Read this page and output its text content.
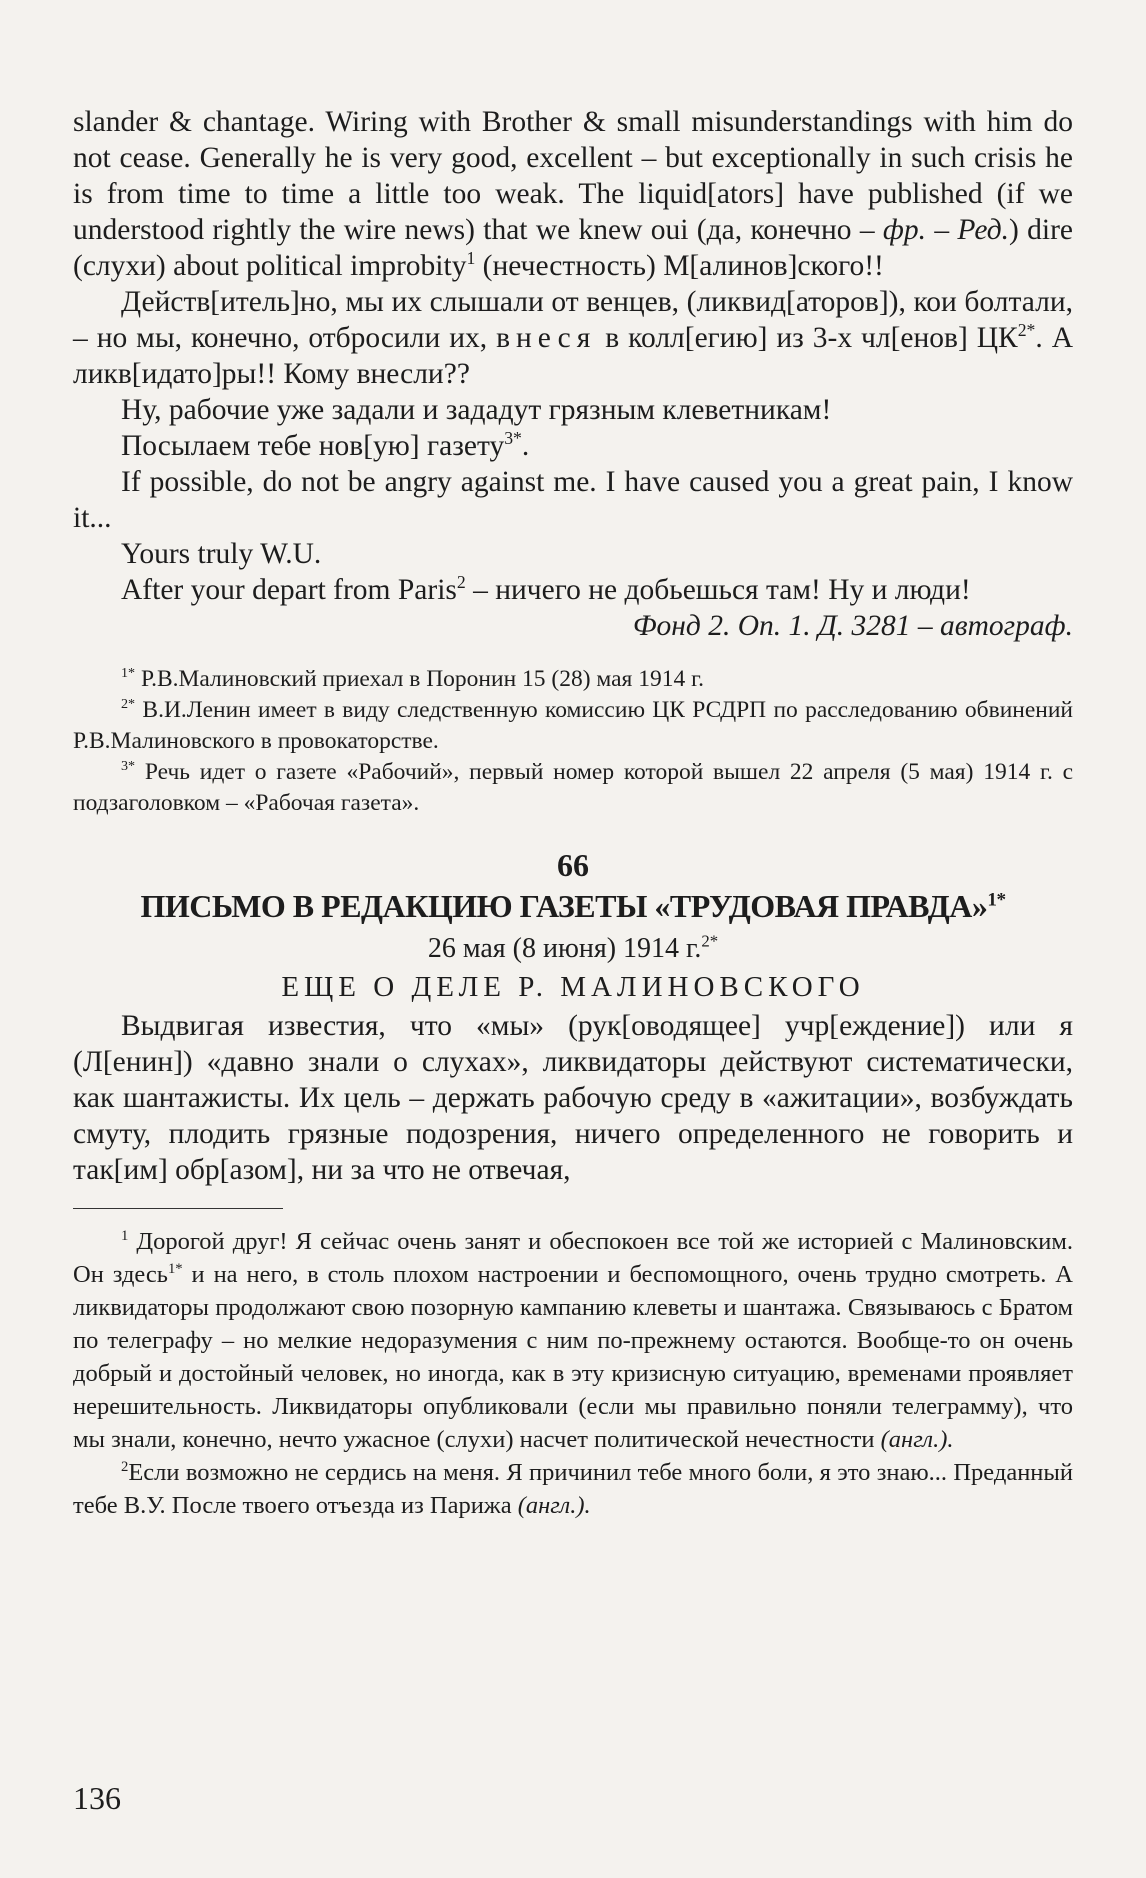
slander & chantage. Wiring with Brother & small misunderstandings with him do not cease. Generally he is very good, excellent – but exceptionally in such crisis he is from time to time a little too weak. The liquid[ators] have published (if we understood rightly the wire news) that we knew oui (да, конечно – фр. – Ред.) dire (слухи) about political improbity$^1$ (нечестность) М[алинов]ского!!

Действ[итель]но, мы их слышали от венцев, (ликвид[аторов]), кои болтали, – но мы, конечно, отбросили их, внеся в колл[егию] из 3-х чл[енов] $ЦК^{2*}$. А ликв[идато]ры!! Кому внесли??

Ну, рабочие уже задали и зададут грязным клеветникам!

Посылаем тебе нов[ую] газету$^{3*}$.

If possible, do not be angry against me. I have caused you a great pain, I know it...

Yours truly W.U.

After your depart from Paris$^2$ – ничего не добьешься там! Ну и люди!

Фонд 2. Оп. 1. Д. 3281 – автограф.

$^{1*}$ Р.В.Малиновский приехал в Поронин 15 (28) мая 1914 г.

$^{2*}$ В.И.Ленин имеет в виду следственную комиссию ЦК РСДРП по расследованию обвинений Р.В.Малиновского в провокаторстве.

$^{3*}$ Речь идет о газете «Рабочий», первый номер которой вышел 22 апреля (5 мая) 1914 г. с подзаголовком – «Рабочая газета».

66

ПИСЬМО В РЕДАКЦИЮ ГАЗЕТЫ «ТРУДОВАЯ ПРАВДА»$^{1*}$

26 мая (8 июня) 1914 г.$^{2*}$

ЕЩЕ О ДЕЛЕ Р. МАЛИНОВСКОГО

Выдвигая известия, что «мы» (рук[оводящее] учр[еждение]) или я (Л[енин]) «давно знали о слухах», ликвидаторы действуют систематически, как шантажисты. Их цель – держать рабочую среду в «ажитации», возбуждать смуту, плодить грязные подозрения, ничего определенного не говорить и так[им] обр[азом], ни за что не отвечая,

$^1$ Дорогой друг! Я сейчас очень занят и обеспокоен все той же историей с Малиновским. Он здесь$^{1*}$ и на него, в столь плохом настроении и беспомощного, очень трудно смотреть. А ликвидаторы продолжают свою позорную кампанию клеветы и шантажа. Связываюсь с Братом по телеграфу – но мелкие недоразумения с ним по-прежнему остаются. Вообще-то он очень добрый и достойный человек, но иногда, как в эту кризисную ситуацию, временами проявляет нерешительность. Ликвидаторы опубликовали (если мы правильно поняли телеграмму), что мы знали, конечно, нечто ужасное (слухи) насчет политической нечестности (англ.).

$^2$Если возможно не сердись на меня. Я причинил тебе много боли, я это знаю... Преданный тебе В.У. После твоего отъезда из Парижа (англ.).

136
